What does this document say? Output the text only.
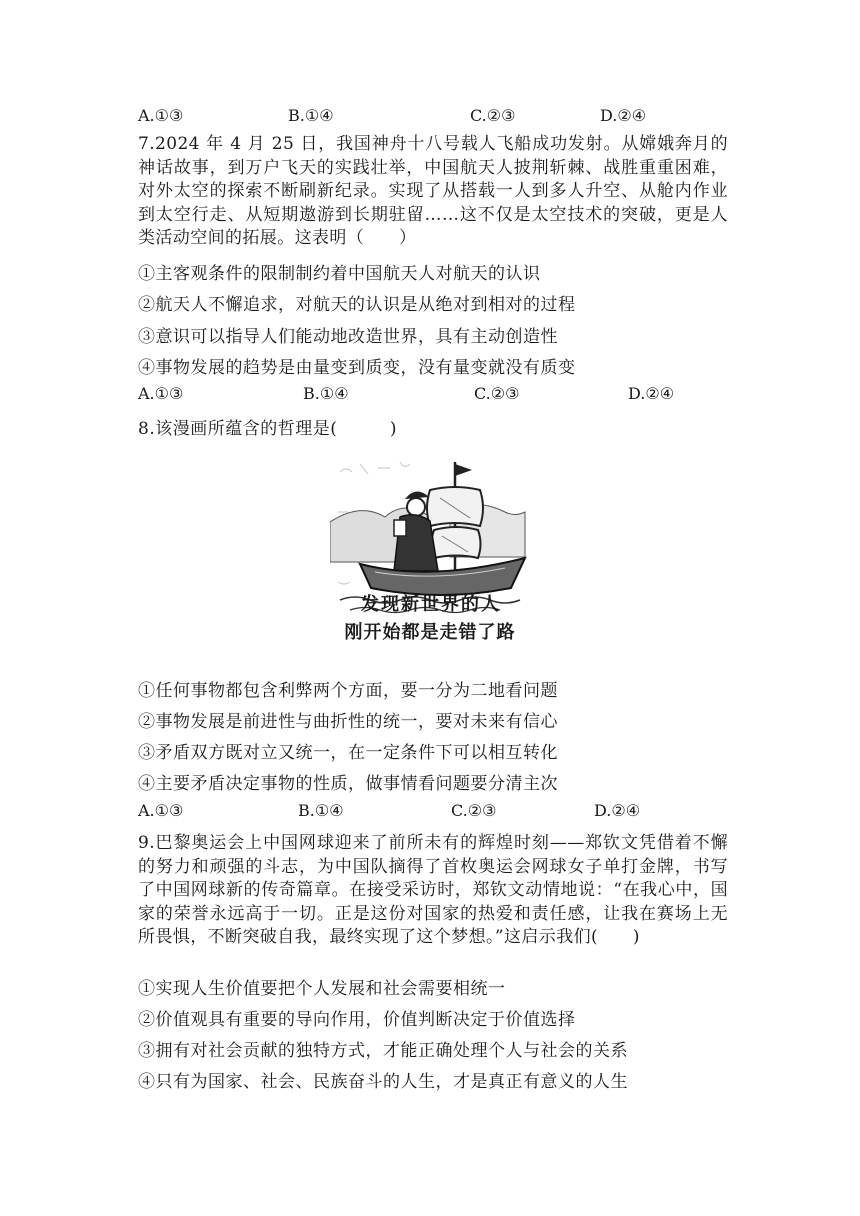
A.①③	B.①④	C.②③	D.②④
7.2024 年 4 月 25 日，我国神舟十八号载人飞船成功发射。从嫦娥奔月的神话故事，到万户飞天的实践壮举，中国航天人披荆斩棘、战胜重重困难，对外太空的探索不断刷新纪录。实现了从搭载一人到多人升空、从舱内作业到太空行走、从短期遨游到长期驻留……这不仅是太空技术的突破，更是人类活动空间的拓展。这表明（　　）
①主客观条件的限制制约着中国航天人对航天的认识
②航天人不懈追求，对航天的认识是从绝对到相对的过程
③意识可以指导人们能动地改造世界，具有主动创造性
④事物发展的趋势是由量变到质变，没有量变就没有质变
A.①③	B.①④	C.②③	D.②④
8.该漫画所蕴含的哲理是(　　　)
发现新世界的人
刚开始都是走错了路
①任何事物都包含利弊两个方面，要一分为二地看问题
②事物发展是前进性与曲折性的统一，要对未来有信心
③矛盾双方既对立又统一，在一定条件下可以相互转化
④主要矛盾决定事物的性质，做事情看问题要分清主次
A.①③	B.①④	C.②③	D.②④
9.巴黎奥运会上中国网球迎来了前所未有的辉煌时刻——郑钦文凭借着不懈的努力和顽强的斗志，为中国队摘得了首枚奥运会网球女子单打金牌，书写了中国网球新的传奇篇章。在接受采访时，郑钦文动情地说：“在我心中，国家的荣誉永远高于一切。正是这份对国家的热爱和责任感，让我在赛场上无所畏惧，不断突破自我，最终实现了这个梦想。”这启示我们(　　)
①实现人生价值要把个人发展和社会需要相统一
②价值观具有重要的导向作用，价值判断决定于价值选择
③拥有对社会贡献的独特方式，才能正确处理个人与社会的关系
④只有为国家、社会、民族奋斗的人生，才是真正有意义的人生
